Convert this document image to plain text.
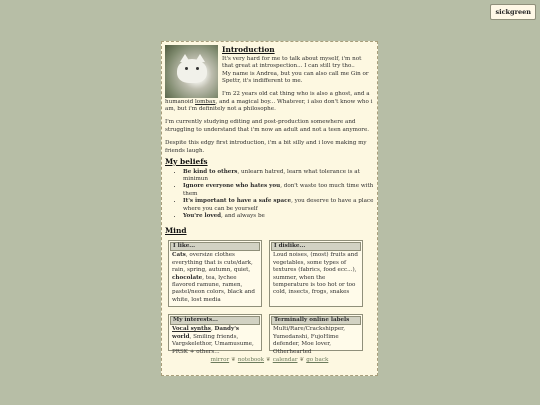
sickgreen
Introduction

It's very hard for me to talk about myself, i'm not that great at introspection... I can still try tho..
My name is Andrea, but you can also call me Gin or Spettr, it's indifferent to me.

I'm 22 years old cat thing who is also a ghost, and a humanoid lombax, and a magical boy... Whatever, i also don't know who i am, but i'm definitely not a philosophe.

I'm currently studying editing and post-production somewhere and struggling to understand that i'm now an adult and not a teen anymore.

Despite this edgy first introduction, i'm a bit silly and i love making my friends laugh.

My beliefs
• Be kind to others, unlearn hatred, learn what tolerance is at minimun
• Ignore everyone who hates you, don't waste too much time with them
• It's important to have a safe space, you deserve to have a place where you can be yourself
• You're loved, and always be
Mind
I like...
Cats, oversize clothes everything that is cute/dark, rain, spring, autumn, quiet, chocolate, tea, lychee flavored ramune, ramen, pastel/neon colors, black and white, lost media
I dislike...
Loud noises, (most) fruits and vegetables, some types of textures (fabrics, food ecc...), summer, when the temperature is too hot or too cold, insects, frogs, snakes
My interests...
Vocal synths, Dandy's world, Smiling friends, Vargskelethor, Umamusume, PRSK + others...
Terminally online labels
Multi/Rare/Crackshipper, Yumedanshi, FujoHime defender, Moe lover, Otherhearted
mirror ❦ notebook ❦ calendar ❦ go back
